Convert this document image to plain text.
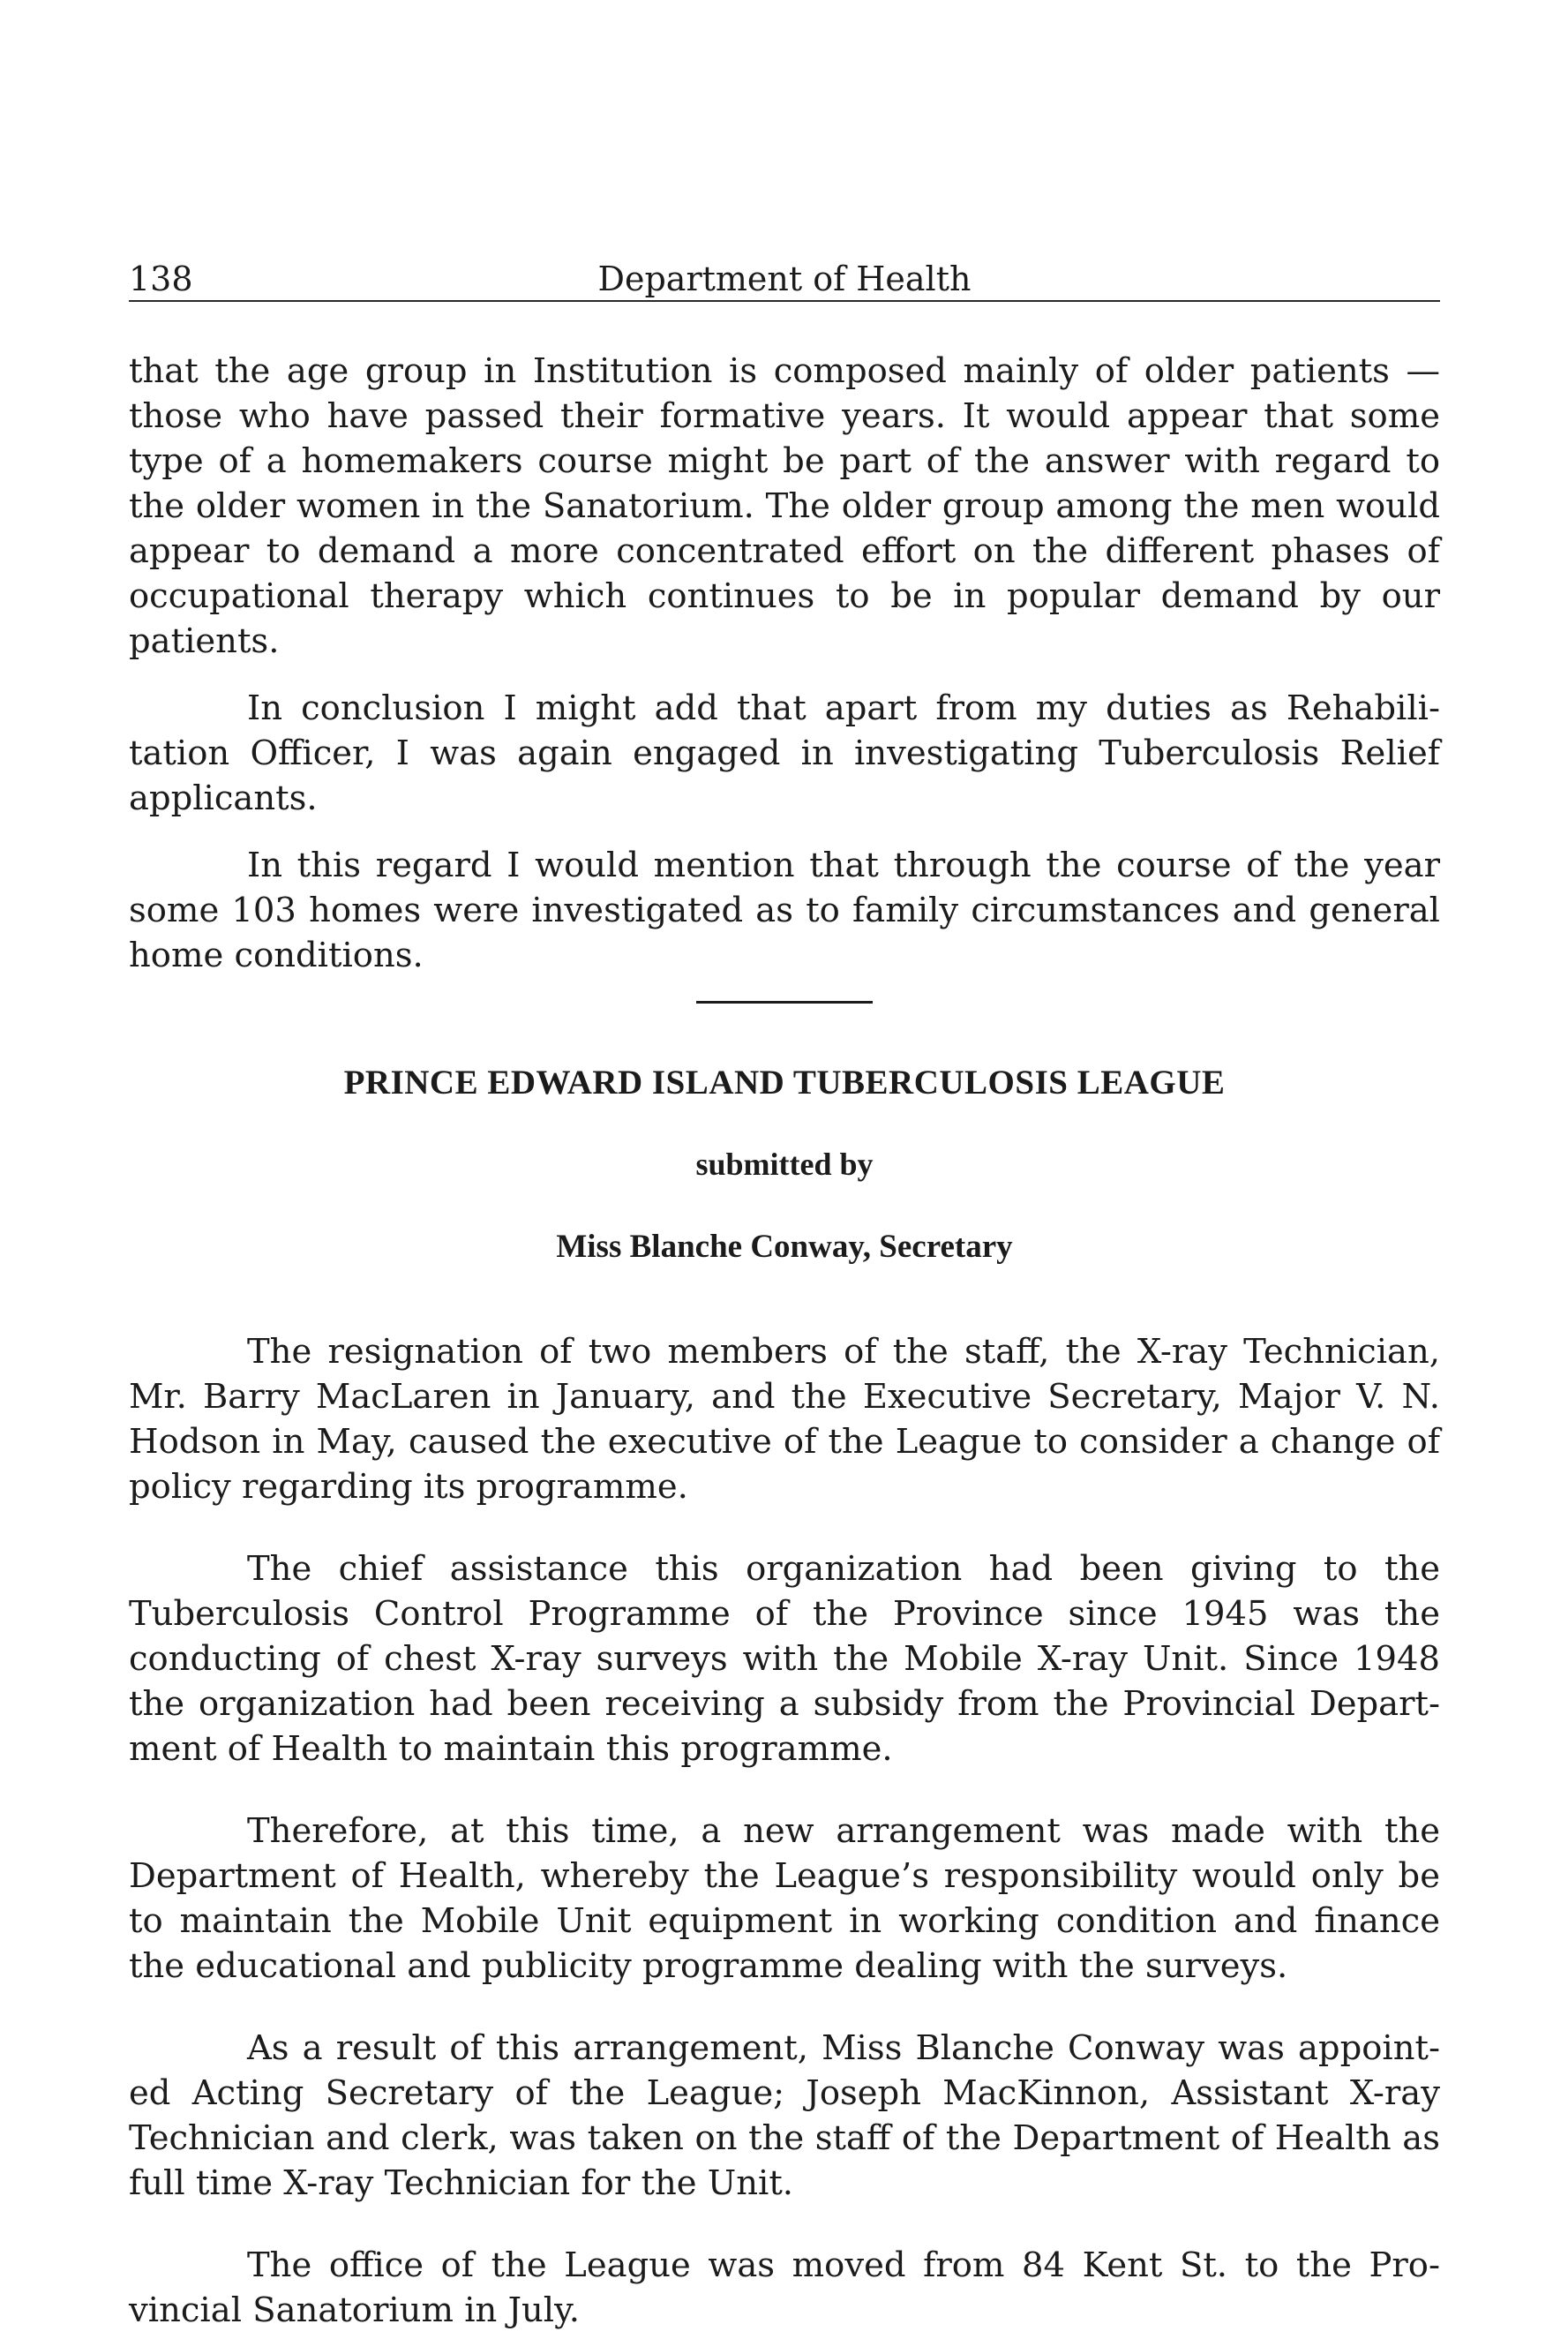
138	Department of Health

that the age group in Institution is composed mainly of older patients — those who have passed their formative years. It would appear that some type of a homemakers course might be part of the answer with regard to the older women in the Sanatorium. The older group among the men would appear to demand a more concentrated effort on the different phases of occupational therapy which continues to be in popular demand by our patients.

In conclusion I might add that apart from my duties as Rehabilitation Officer, I was again engaged in investigating Tuberculosis Relief applicants.

In this regard I would mention that through the course of the year some 103 homes were investigated as to family circumstances and general home conditions.

PRINCE EDWARD ISLAND TUBERCULOSIS LEAGUE
submitted by
Miss Blanche Conway, Secretary

The resignation of two members of the staff, the X-ray Technician, Mr. Barry MacLaren in January, and the Executive Secretary, Major V. N. Hodson in May, caused the executive of the League to consider a change of policy regarding its programme.

The chief assistance this organization had been giving to the Tuberculosis Control Programme of the Province since 1945 was the conducting of chest X-ray surveys with the Mobile X-ray Unit. Since 1948 the organization had been receiving a subsidy from the Provincial Department of Health to maintain this programme.

Therefore, at this time, a new arrangement was made with the Department of Health, whereby the League’s responsibility would only be to maintain the Mobile Unit equipment in working condition and finance the educational and publicity programme dealing with the surveys.

As a result of this arrangement, Miss Blanche Conway was appointed Acting Secretary of the League; Joseph MacKinnon, Assistant X-ray Technician and clerk, was taken on the staff of the Department of Health as full time X-ray Technician for the Unit.

The office of the League was moved from 84 Kent St. to the Provincial Sanatorium in July.
